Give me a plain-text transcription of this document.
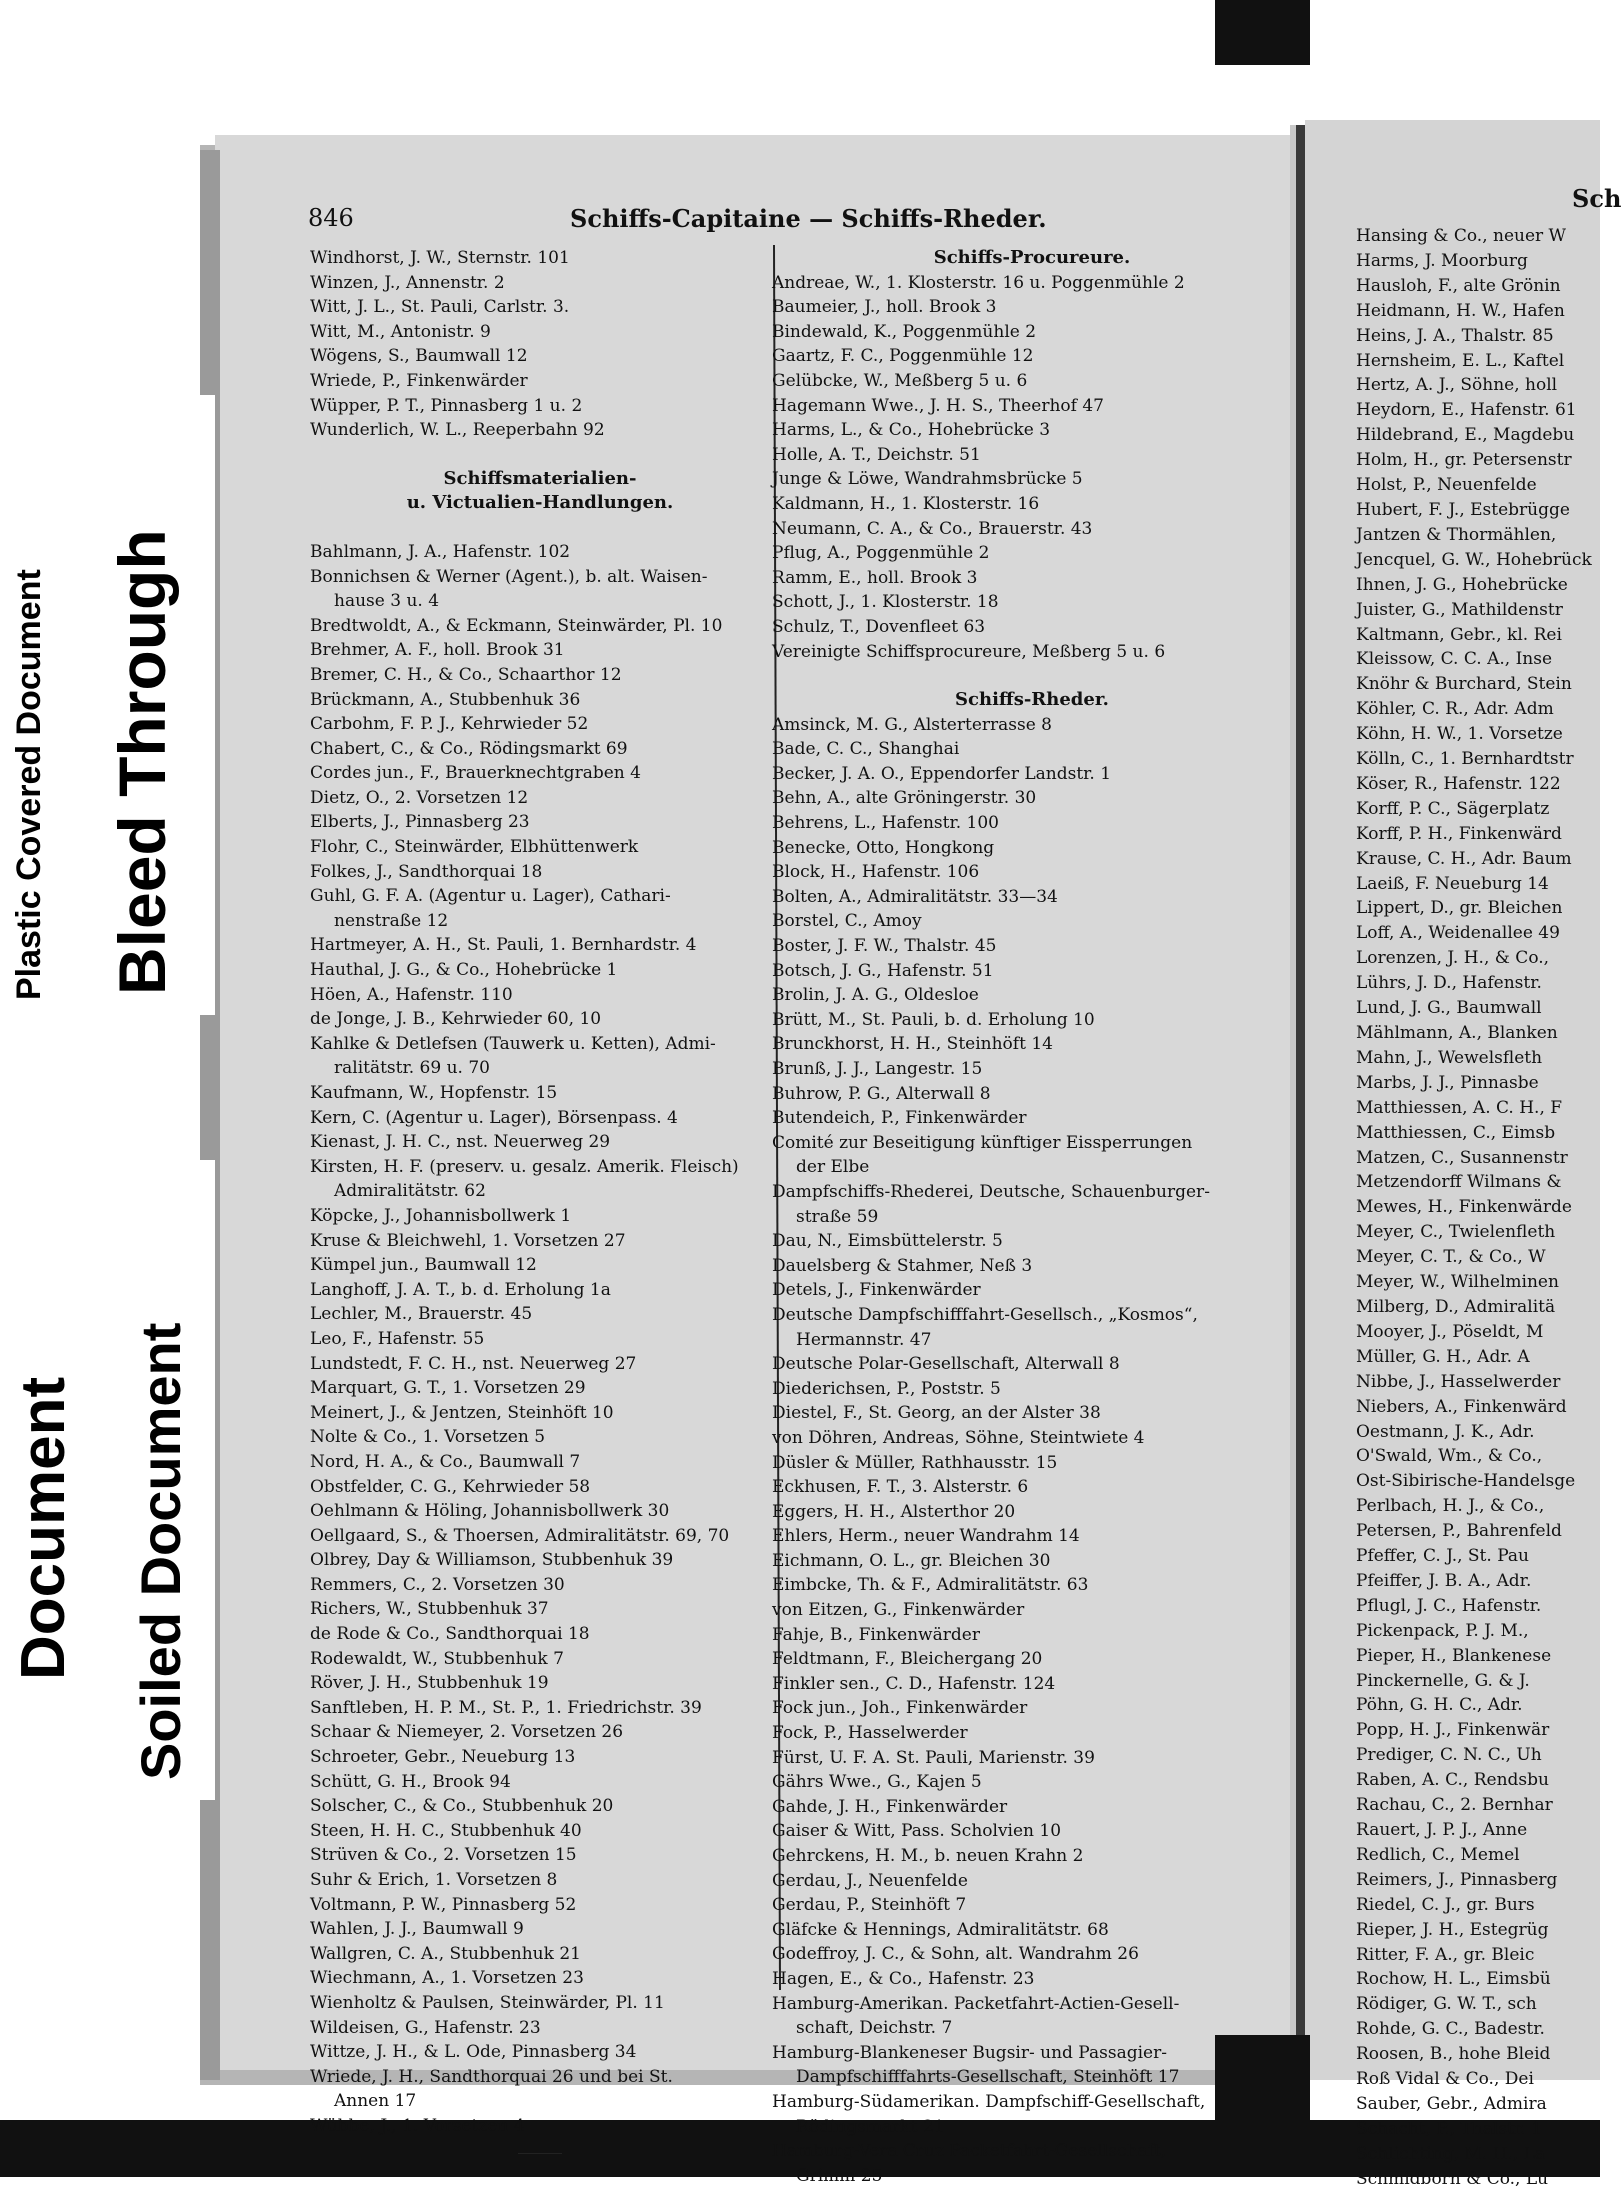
Plastic Covered Document Bleed Through
Document Soiled Document
846	Schiffs-Capitaine — Schiffs-Rheder.
Windhorst, J. W., Sternstr. 101
Winzen, J., Annenstr. 2
Witt, J. L., St. Pauli, Carlstr. 3.
Witt, M., Antonistr. 9
Wögens, S., Baumwall 12
Wriede, P., Finkenwärder
Wüpper, P. T., Pinnasberg 1 u. 2
Wunderlich, W. L., Reeperbahn 92
Schiffsmaterialien-
u. Victualien-Handlungen.
Bahlmann, J. A., Hafenstr. 102
Bonnichsen & Werner (Agent.), b. alt. Waisen-
hause 3 u. 4
Bredtwoldt, A., & Eckmann, Steinwärder, Pl. 10
Brehmer, A. F., holl. Brook 31
Bremer, C. H., & Co., Schaarthor 12
Brückmann, A., Stubbenhuk 36
Carbohm, F. P. J., Kehrwieder 52
Chabert, C., & Co., Rödingsmarkt 69
Cordes jun., F., Brauerknechtgraben 4
Dietz, O., 2. Vorsetzen 12
Elberts, J., Pinnasberg 23
Flohr, C., Steinwärder, Elbhüttenwerk
Folkes, J., Sandthorquai 18
Guhl, G. F. A. (Agentur u. Lager), Cathari-
nenstraße 12
Hartmeyer, A. H., St. Pauli, 1. Bernhardstr. 4
Hauthal, J. G., & Co., Hohebrücke 1
Höen, A., Hafenstr. 110
de Jonge, J. B., Kehrwieder 60, 10
Kahlke & Detlefsen (Tauwerk u. Ketten), Admi-
ralitätstr. 69 u. 70
Kaufmann, W., Hopfenstr. 15
Kern, C. (Agentur u. Lager), Börsenpass. 4
Kienast, J. H. C., nst. Neuerweg 29
Kirsten, H. F. (preserv. u. gesalz. Amerik. Fleisch)
Admiralitätstr. 62
Köpcke, J., Johannisbollwerk 1
Kruse & Bleichwehl, 1. Vorsetzen 27
Kümpel jun., Baumwall 12
Langhoff, J. A. T., b. d. Erholung 1a
Lechler, M., Brauerstr. 45
Leo, F., Hafenstr. 55
Lundstedt, F. C. H., nst. Neuerweg 27
Marquart, G. T., 1. Vorsetzen 29
Meinert, J., & Jentzen, Steinhöft 10
Nolte & Co., 1. Vorsetzen 5
Nord, H. A., & Co., Baumwall 7
Obstfelder, C. G., Kehrwieder 58
Oehlmann & Höling, Johannisbollwerk 30
Oellgaard, S., & Thoersen, Admiralitätstr. 69, 70
Olbrey, Day & Williamson, Stubbenhuk 39
Remmers, C., 2. Vorsetzen 30
Richers, W., Stubbenhuk 37
de Rode & Co., Sandthorquai 18
Rodewaldt, W., Stubbenhuk 7
Röver, J. H., Stubbenhuk 19
Sanftleben, H. P. M., St. P., 1. Friedrichstr. 39
Schaar & Niemeyer, 2. Vorsetzen 26
Schroeter, Gebr., Neueburg 13
Schütt, G. H., Brook 94
Solscher, C., & Co., Stubbenhuk 20
Steen, H. H. C., Stubbenhuk 40
Strüven & Co., 2. Vorsetzen 15
Suhr & Erich, 1. Vorsetzen 8
Voltmann, P. W., Pinnasberg 52
Wahlen, J. J., Baumwall 9
Wallgren, C. A., Stubbenhuk 21
Wiechmann, A., 1. Vorsetzen 23
Wienholtz & Paulsen, Steinwärder, Pl. 11
Wildeisen, G., Hafenstr. 23
Wittze, J. H., & L. Ode, Pinnasberg 34
Wriede, J. H., Sandthorquai 26 und bei St.
Annen 17
Wübbe, J., 1. Vorsetzen 4
Schiffs-Procureure.
Andreae, W., 1. Klosterstr. 16 u. Poggenmühle 2
Baumeier, J., holl. Brook 3
Bindewald, K., Poggenmühle 2
Gaartz, F. C., Poggenmühle 12
Gelübcke, W., Meßberg 5 u. 6
Hagemann Wwe., J. H. S., Theerhof 47
Harms, L., & Co., Hohebrücke 3
Holle, A. T., Deichstr. 51
Junge & Löwe, Wandrahmsbrücke 5
Kaldmann, H., 1. Klosterstr. 16
Neumann, C. A., & Co., Brauerstr. 43
Pflug, A., Poggenmühle 2
Ramm, E., holl. Brook 3
Schott, J., 1. Klosterstr. 18
Schulz, T., Dovenfleet 63
Vereinigte Schiffsprocureure, Meßberg 5 u. 6
Schiffs-Rheder.
Amsinck, M. G., Alsterterrasse 8
Bade, C. C., Shanghai
Becker, J. A. O., Eppendorfer Landstr. 1
Behn, A., alte Gröningerstr. 30
Behrens, L., Hafenstr. 100
Benecke, Otto, Hongkong
Block, H., Hafenstr. 106
Bolten, A., Admiralitätstr. 33—34
Borstel, C., Amoy
Boster, J. F. W., Thalstr. 45
Botsch, J. G., Hafenstr. 51
Brolin, J. A. G., Oldesloe
Brütt, M., St. Pauli, b. d. Erholung 10
Brunckhorst, H. H., Steinhöft 14
Brunß, J. J., Langestr. 15
Buhrow, P. G., Alterwall 8
Butendeich, P., Finkenwärder
Comité zur Beseitigung künftiger Eissperrungen
der Elbe
Dampfschiffs-Rhederei, Deutsche, Schauenburger-
straße 59
Dau, N., Eimsbüttelerstr. 5
Dauelsberg & Stahmer, Neß 3
Detels, J., Finkenwärder
Deutsche Dampfschifffahrt-Gesellsch., „Kosmos“,
Hermannstr. 47
Deutsche Polar-Gesellschaft, Alterwall 8
Diederichsen, P., Poststr. 5
Diestel, F., St. Georg, an der Alster 38
von Döhren, Andreas, Söhne, Steintwiete 4
Düsler & Müller, Rathhausstr. 15
Eckhusen, F. T., 3. Alsterstr. 6
Eggers, H. H., Alsterthor 20
Ehlers, Herm., neuer Wandrahm 14
Eichmann, O. L., gr. Bleichen 30
Eimbcke, Th. & F., Admiralitätstr. 63
von Eitzen, G., Finkenwärder
Fahje, B., Finkenwärder
Feldtmann, F., Bleichergang 20
Finkler sen., C. D., Hafenstr. 124
Fock jun., Joh., Finkenwärder
Fock, P., Hasselwerder
Fürst, U. F. A. St. Pauli, Marienstr. 39
Gährs Wwe., G., Kajen 5
Gahde, J. H., Finkenwärder
Gaiser & Witt, Pass. Scholvien 10
Gehrckens, H. M., b. neuen Krahn 2
Gerdau, J., Neuenfelde
Gerdau, P., Steinhöft 7
Gläfcke & Hennings, Admiralitätstr. 68
Godeffroy, J. C., & Sohn, alt. Wandrahm 26
Hagen, E., & Co., Hafenstr. 23
Hamburg-Amerikan. Packetfahrt-Actien-Gesell-
schaft, Deichstr. 7
Hamburg-Blankeneser Bugsir- und Passagier-
Dampfschifffahrts-Gesellschaft, Steinhöft 17
Hamburg-Südamerikan. Dampfschiff-Gesellschaft,
Rödingsmarkt 21
Hamburg-Vera Cruz Packetfahrt-Gesellschaft,
Grimm 25
Sch
Hansing & Co., neuer W
Harms, J. Moorburg
Hausloh, F., alte Grönin
Heidmann, H. W., Hafen
Heins, J. A., Thalstr. 85
Hernsheim, E. L., Kaftel
Hertz, A. J., Söhne, holl
Heydorn, E., Hafenstr. 61
Hildebrand, E., Magdebu
Holm, H., gr. Petersenstr
Holst, P., Neuenfelde
Hubert, F. J., Estebrügge
Jantzen & Thormählen,
Jencquel, G. W., Hohebrück
Ihnen, J. G., Hohebrücke
Juister, G., Mathildenstr
Kaltmann, Gebr., kl. Rei
Kleissow, C. C. A., Inse
Knöhr & Burchard, Stein
Köhler, C. R., Adr. Adm
Köhn, H. W., 1. Vorsetze
Kölln, C., 1. Bernhardtstr
Köser, R., Hafenstr. 122
Korff, P. C., Sägerplatz
Korff, P. H., Finkenwärd
Krause, C. H., Adr. Baum
Laeiß, F. Neueburg 14
Lippert, D., gr. Bleichen
Loff, A., Weidenallee 49
Lorenzen, J. H., & Co.,
Lührs, J. D., Hafenstr.
Lund, J. G., Baumwall
Mählmann, A., Blanken
Mahn, J., Wewelsfleth
Marbs, J. J., Pinnasbe
Matthiessen, A. C. H., F
Matthiessen, C., Eimsb
Matzen, C., Susannenstr
Metzendorff Wilmans &
Mewes, H., Finkenwärde
Meyer, C., Twielenfleth
Meyer, C. T., & Co., W
Meyer, W., Wilhelminen
Milberg, D., Admiralitä
Mooyer, J., Pöseldt, M
Müller, G. H., Adr. A
Nibbe, J., Hasselwerder
Niebers, A., Finkenwärd
Oestmann, J. K., Adr.
O'Swald, Wm., & Co.,
Ost-Sibirische-Handelsge
Perlbach, H. J., & Co.,
Petersen, P., Bahrenfeld
Pfeffer, C. J., St. Pau
Pfeiffer, J. B. A., Adr.
Pflugl, J. C., Hafenstr.
Pickenpack, P. J. M.,
Pieper, H., Blankenese
Pinckernelle, G. & J.
Pöhn, G. H. C., Adr.
Popp, H. J., Finkenwär
Prediger, C. N. C., Uh
Raben, A. C., Rendsbu
Rachau, C., 2. Bernhar
Rauert, J. P. J., Anne
Redlich, C., Memel
Reimers, J., Pinnasberg
Riedel, C. J., gr. Burs
Rieper, J. H., Estegrüg
Ritter, F. A., gr. Bleic
Rochow, H. L., Eimsbü
Rödiger, G. W. T., sch
Rohde, G. C., Badestr.
Roosen, B., hohe Bleid
Roß Vidal & Co., Dei
Sauber, Gebr., Admira
Schacht, P., Thalstr. 1
Schlichting, M. H., La
Schmidborn & Co., Lu
